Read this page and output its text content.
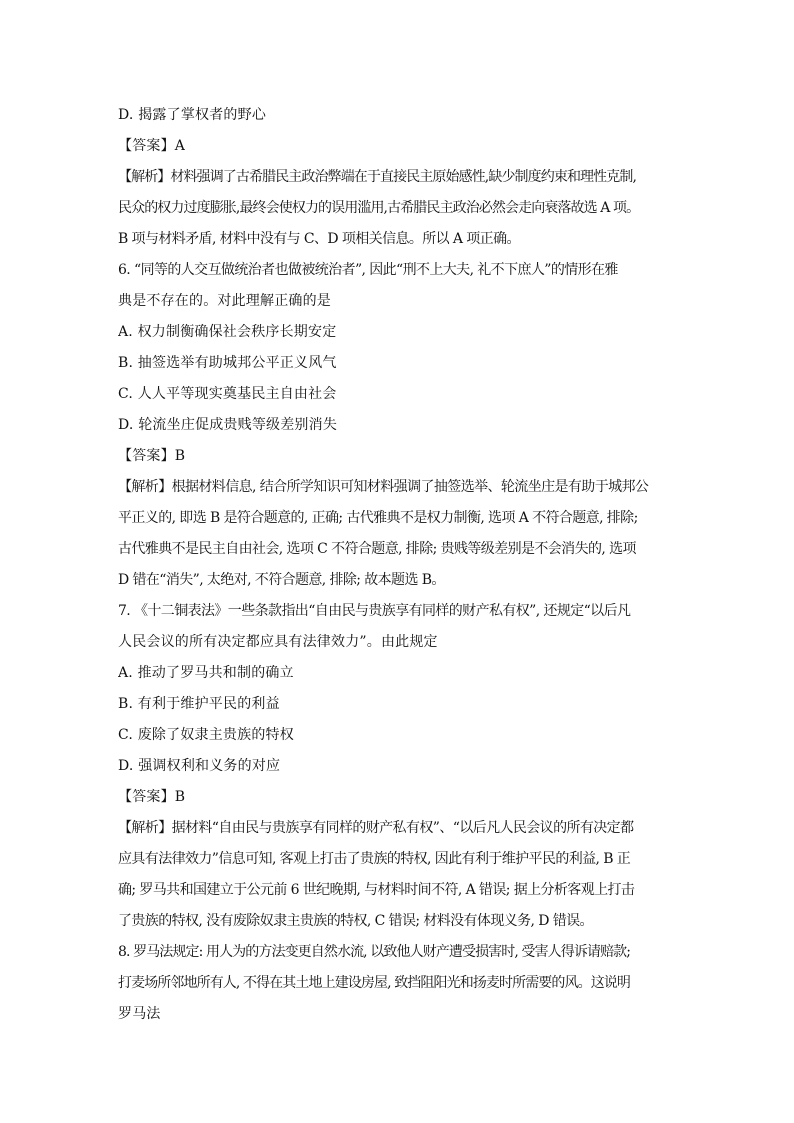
D. 揭露了掌权者的野心
【答案】A
【解析】材料强调了古希腊民主政治弊端在于直接民主原始感性,缺少制度约束和理性克制,
民众的权力过度膨胀,最终会使权力的误用滥用,古希腊民主政治必然会走向衰落故选 A 项。
B 项与材料矛盾, 材料中没有与 C、D 项相关信息。所以 A 项正确。
6. “同等的人交互做统治者也做被统治者”, 因此“刑不上大夫, 礼不下庶人”的情形在雅
典是不存在的。对此理解正确的是
A. 权力制衡确保社会秩序长期安定
B. 抽签选举有助城邦公平正义风气
C. 人人平等现实奠基民主自由社会
D. 轮流坐庄促成贵贱等级差别消失
【答案】B
【解析】根据材料信息, 结合所学知识可知材料强调了抽签选举、轮流坐庄是有助于城邦公
平正义的, 即选 B 是符合题意的, 正确; 古代雅典不是权力制衡, 选项 A 不符合题意, 排除;
古代雅典不是民主自由社会, 选项 C 不符合题意, 排除; 贵贱等级差别是不会消失的, 选项
D 错在“消失”, 太绝对, 不符合题意, 排除; 故本题选 B。
7. 《十二铜表法》一些条款指出“自由民与贵族享有同样的财产私有权”, 还规定“以后凡
人民会议的所有决定都应具有法律效力”。由此规定
A. 推动了罗马共和制的确立
B. 有利于维护平民的利益
C. 废除了奴隶主贵族的特权
D. 强调权利和义务的对应
【答案】B
【解析】据材料“自由民与贵族享有同样的财产私有权”、“以后凡人民会议的所有决定都
应具有法律效力”信息可知, 客观上打击了贵族的特权, 因此有利于维护平民的利益, B 正
确; 罗马共和国建立于公元前 6 世纪晚期, 与材料时间不符, A 错误; 据上分析客观上打击
了贵族的特权, 没有废除奴隶主贵族的特权, C 错误; 材料没有体现义务, D 错误。
8. 罗马法规定: 用人为的方法变更自然水流, 以致他人财产遭受损害时, 受害人得诉请赔款;
打麦场所邻地所有人, 不得在其土地上建设房屋, 致挡阻阳光和扬麦时所需要的风。这说明
罗马法
